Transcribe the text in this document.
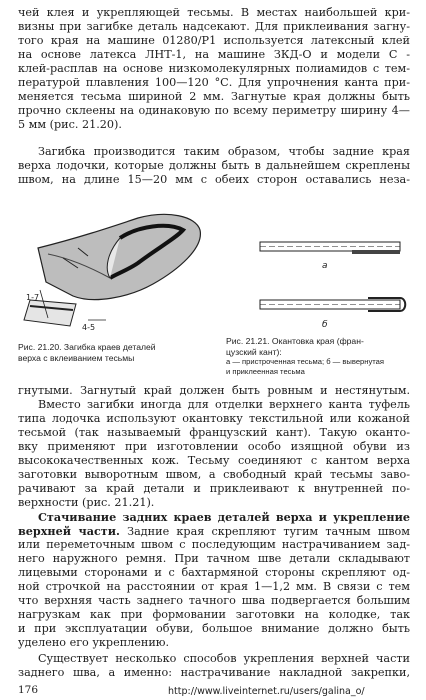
чей клея и укрепляющей тесьмы. В местах наибольшей кри-
визны при загибке деталь надсекают. Для приклеивания загну-
того края на машине 01280/Р1 используется латексный клей
на основе латекса ЛНТ-1, на машине ЗКД-О и модели С -
клей-расплав на основе низкомолекулярных полиамидов с тем-
пературой плавления 100—120 °С. Для упрочнения канта при-
меняется тесьма шириной 2 мм. Загнутые края должны быть
прочно склеены на одинаковую по всему периметру ширину 4—
5 мм (рис. 21.20).
Загибка производится таким образом, чтобы задние края
верха лодочки, которые должны быть в дальнейшем скреплены
швом, на длине 15—20 мм с обеих сторон оставались неза-
1-7
4-5
а
б
Рис. 21.20. Загибка краев деталей
верха с вклеиванием тесьмы
Рис. 21.21. Окантовка края (фран-
цузский кант):
а — пристроченная тесьма; б — вывернутая
и приклеенная тесьма
гнутыми. Загнутый край должен быть ровным и нестянутым.
Вместо загибки иногда для отделки верхнего канта туфель
типа лодочка используют окантовку текстильной или кожаной
тесьмой (так называемый французский кант). Такую оканто-
вку применяют при изготовлении особо изящной обуви из
высококачественных кож. Тесьму соединяют с кантом верха
заготовки выворотным швом, а свободный край тесьмы заво-
рачивают за край детали и приклеивают к внутренней по-
верхности (рис. 21.21).
Стачивание задних краев деталей верха и укрепление
верхней части. Задние края скрепляют тугим тачным швом
или переметочным швом с последующим настрачиванием зад-
него наружного ремня. При тачном шве детали складывают
лицевыми сторонами и с бахтармяной стороны скрепляют од-
ной строчкой на расстоянии от края 1—1,2 мм. В связи с тем
что верхняя часть заднего тачного шва подвергается большим
нагрузкам как при формовании заготовки на колодке, так
и при эксплуатации обуви, большое внимание должно быть
уделено его укреплению.
Существует несколько способов укрепления верхней части
заднего шва, а именно: настрачивание накладной закрепки,
176	http://www.liveinternet.ru/users/galina_o/
